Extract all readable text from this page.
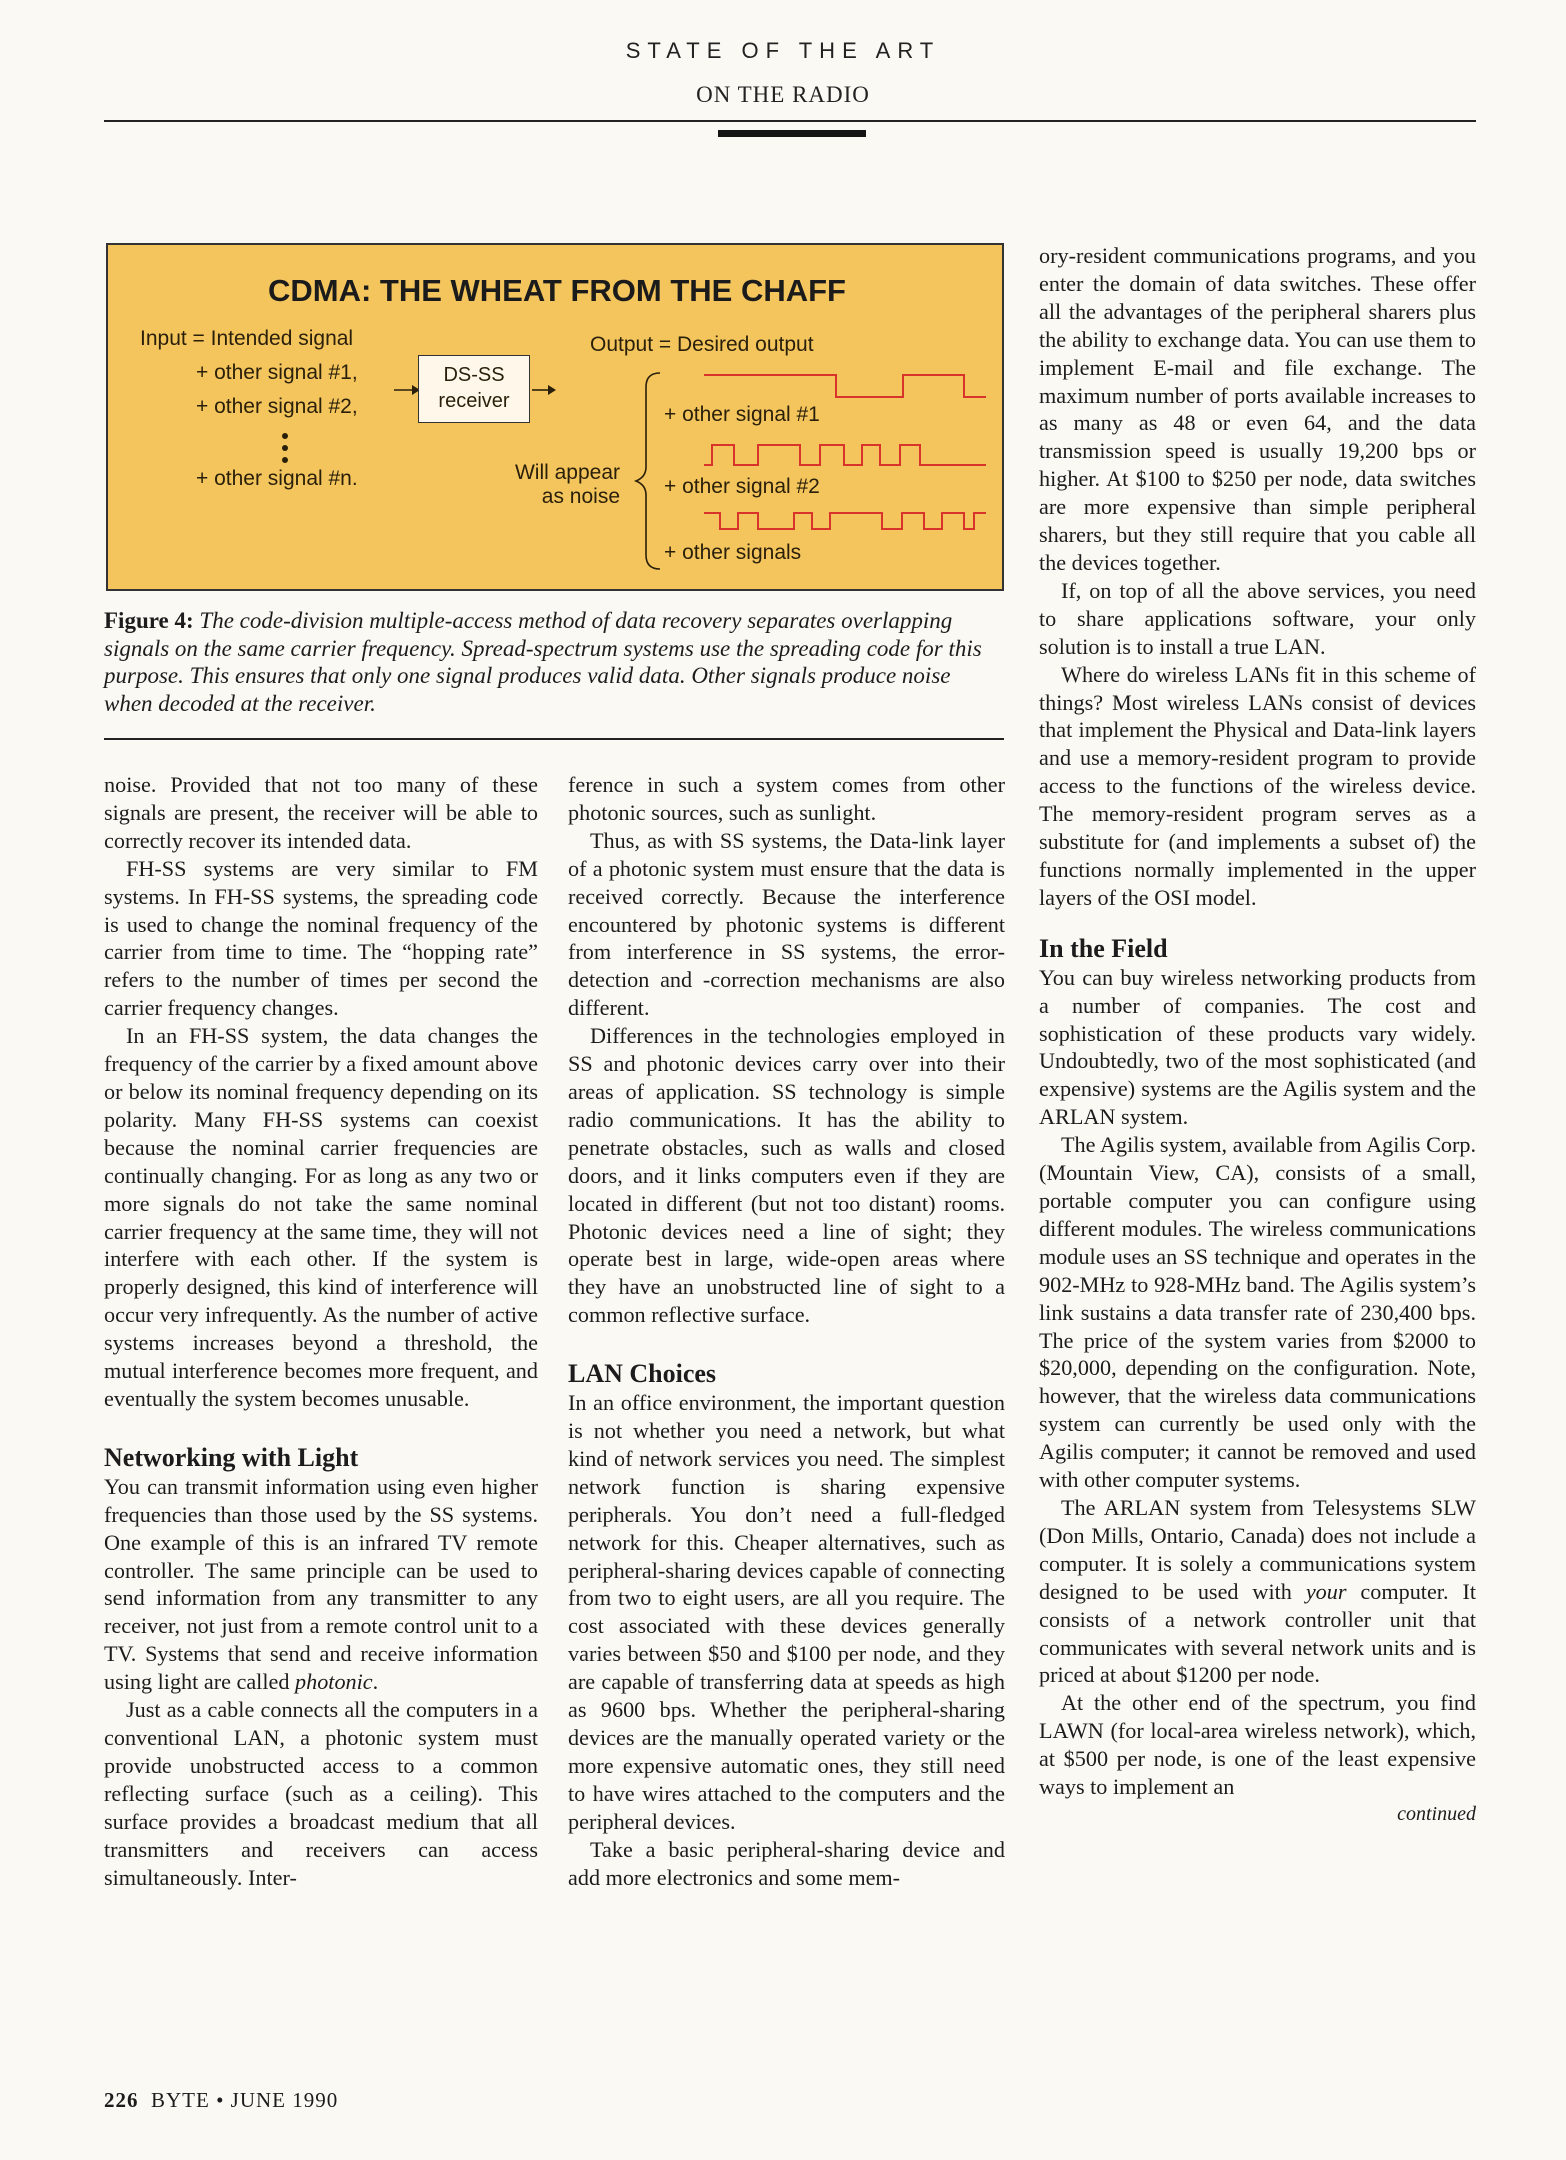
STATE OF THE ART
ON THE RADIO
CDMA: THE WHEAT FROM THE CHAFF
Input = Intended signal
+ other signal #1,
+ other signal #2,
+ other signal #n.
DS-SS
receiver
Output = Desired output
Will appear
as noise
+ other signal #1
+ other signal #2
+ other signals
Figure 4: The code-division multiple-access method of data recovery separates overlapping signals on the same carrier frequency. Spread-spectrum systems use the spreading code for this purpose. This ensures that only one signal produces valid data. Other signals produce noise when decoded at the receiver.

noise. Provided that not too many of these signals are present, the receiver will be able to correctly recover its intended data.

FH-SS systems are very similar to FM systems. In FH-SS systems, the spreading code is used to change the nominal frequency of the carrier from time to time. The “hopping rate” refers to the number of times per second the carrier frequency changes.

In an FH-SS system, the data changes the frequency of the carrier by a fixed amount above or below its nominal frequency depending on its polarity. Many FH-SS systems can coexist because the nominal carrier frequencies are continually changing. For as long as any two or more signals do not take the same nominal carrier frequency at the same time, they will not interfere with each other. If the system is properly designed, this kind of interference will occur very infrequently. As the number of active systems increases beyond a threshold, the mutual interference becomes more frequent, and eventually the system becomes unusable.

Networking with Light

You can transmit information using even higher frequencies than those used by the SS systems. One example of this is an infrared TV remote controller. The same principle can be used to send information from any transmitter to any receiver, not just from a remote control unit to a TV. Systems that send and receive information using light are called photonic.

Just as a cable connects all the computers in a conventional LAN, a photonic system must provide unobstructed access to a common reflecting surface (such as a ceiling). This surface provides a broadcast medium that all transmitters and receivers can access simultaneously. Inter-

ference in such a system comes from other photonic sources, such as sunlight.

Thus, as with SS systems, the Data-link layer of a photonic system must ensure that the data is received correctly. Because the interference encountered by photonic systems is different from interference in SS systems, the error-detection and -correction mechanisms are also different.

Differences in the technologies employed in SS and photonic devices carry over into their areas of application. SS technology is simple radio communications. It has the ability to penetrate obstacles, such as walls and closed doors, and it links computers even if they are located in different (but not too distant) rooms. Photonic devices need a line of sight; they operate best in large, wide-open areas where they have an unobstructed line of sight to a common reflective surface.

LAN Choices

In an office environment, the important question is not whether you need a network, but what kind of network services you need. The simplest network function is sharing expensive peripherals. You don’t need a full-fledged network for this. Cheaper alternatives, such as peripheral-sharing devices capable of connecting from two to eight users, are all you require. The cost associated with these devices generally varies between $50 and $100 per node, and they are capable of transferring data at speeds as high as 9600 bps. Whether the peripheral-sharing devices are the manually operated variety or the more expensive automatic ones, they still need to have wires attached to the computers and the peripheral devices.

Take a basic peripheral-sharing device and add more electronics and some mem-

ory-resident communications programs, and you enter the domain of data switches. These offer all the advantages of the peripheral sharers plus the ability to exchange data. You can use them to implement E-mail and file exchange. The maximum number of ports available increases to as many as 48 or even 64, and the data transmission speed is usually 19,200 bps or higher. At $100 to $250 per node, data switches are more expensive than simple peripheral sharers, but they still require that you cable all the devices together.

If, on top of all the above services, you need to share applications software, your only solution is to install a true LAN.

Where do wireless LANs fit in this scheme of things? Most wireless LANs consist of devices that implement the Physical and Data-link layers and use a memory-resident program to provide access to the functions of the wireless device. The memory-resident program serves as a substitute for (and implements a subset of) the functions normally implemented in the upper layers of the OSI model.

In the Field

You can buy wireless networking products from a number of companies. The cost and sophistication of these products vary widely. Undoubtedly, two of the most sophisticated (and expensive) systems are the Agilis system and the ARLAN system.

The Agilis system, available from Agilis Corp. (Mountain View, CA), consists of a small, portable computer you can configure using different modules. The wireless communications module uses an SS technique and operates in the 902-MHz to 928-MHz band. The Agilis system’s link sustains a data transfer rate of 230,400 bps. The price of the system varies from $2000 to $20,000, depending on the configuration. Note, however, that the wireless data communications system can currently be used only with the Agilis computer; it cannot be removed and used with other computer systems.

The ARLAN system from Telesystems SLW (Don Mills, Ontario, Canada) does not include a computer. It is solely a communications system designed to be used with your computer. It consists of a network controller unit that communicates with several network units and is priced at about $1200 per node.

At the other end of the spectrum, you find LAWN (for local-area wireless network), which, at $500 per node, is one of the least expensive ways to implement an

continued
226 BYTE • JUNE 1990
